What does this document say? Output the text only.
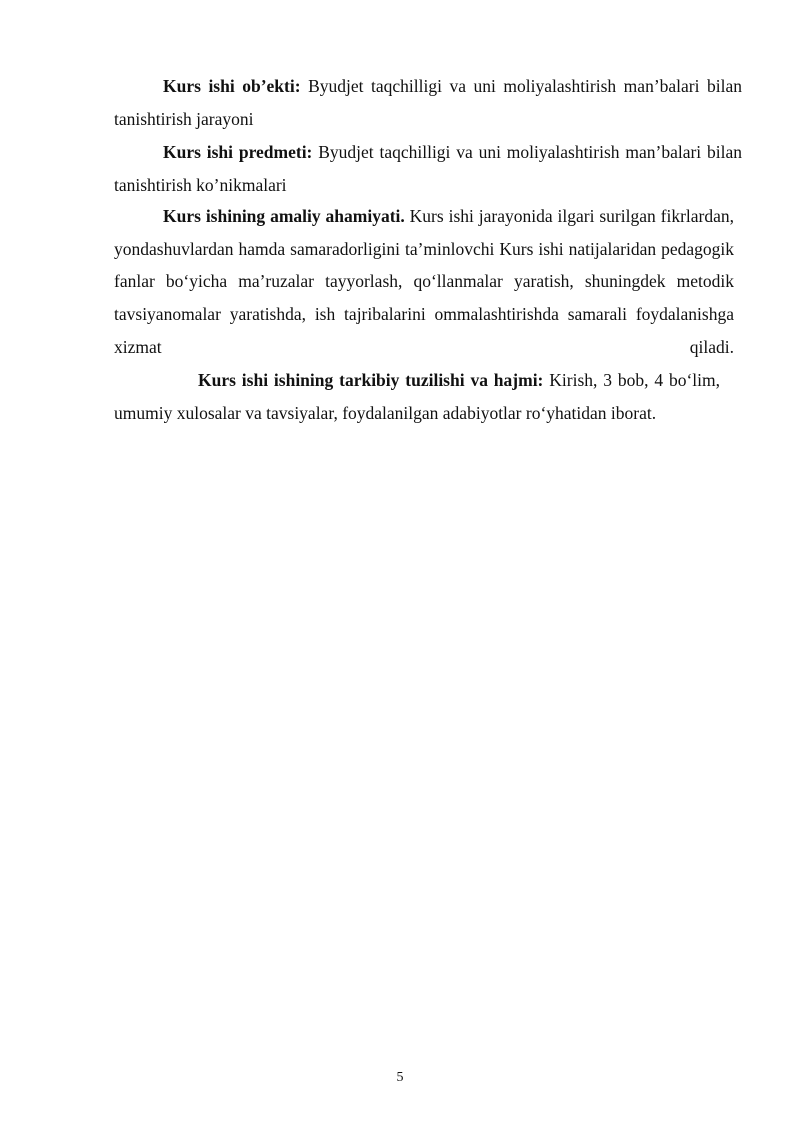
Kurs ishi ob’ekti: Byudjet taqchilligi va uni moliyalashtirish man’balari bilan tanishtirish jarayoni

Kurs ishi predmeti: Byudjet taqchilligi va uni moliyalashtirish man’balari bilan tanishtirish ko’nikmalari

Kurs ishining amaliy ahamiyati. Kurs ishi jarayonida ilgari surilgan fikrlardan, yondashuvlardan hamda samaradorligini ta’minlovchi Kurs ishi natijalaridan pedagogik fanlar bo‘yicha ma’ruzalar tayyorlash, qo‘llanmalar yaratish, shuningdek metodik tavsiyanomalar yaratishda, ish tajribalarini ommalashtirishda samarali foydalanishga xizmat qiladi.

Kurs ishi ishining tarkibiy tuzilishi va hajmi: Kirish, 3 bob, 4 bo‘lim, umumiy xulosalar va tavsiyalar, foydalanilgan adabiyotlar ro‘yhatidan iborat.

5
